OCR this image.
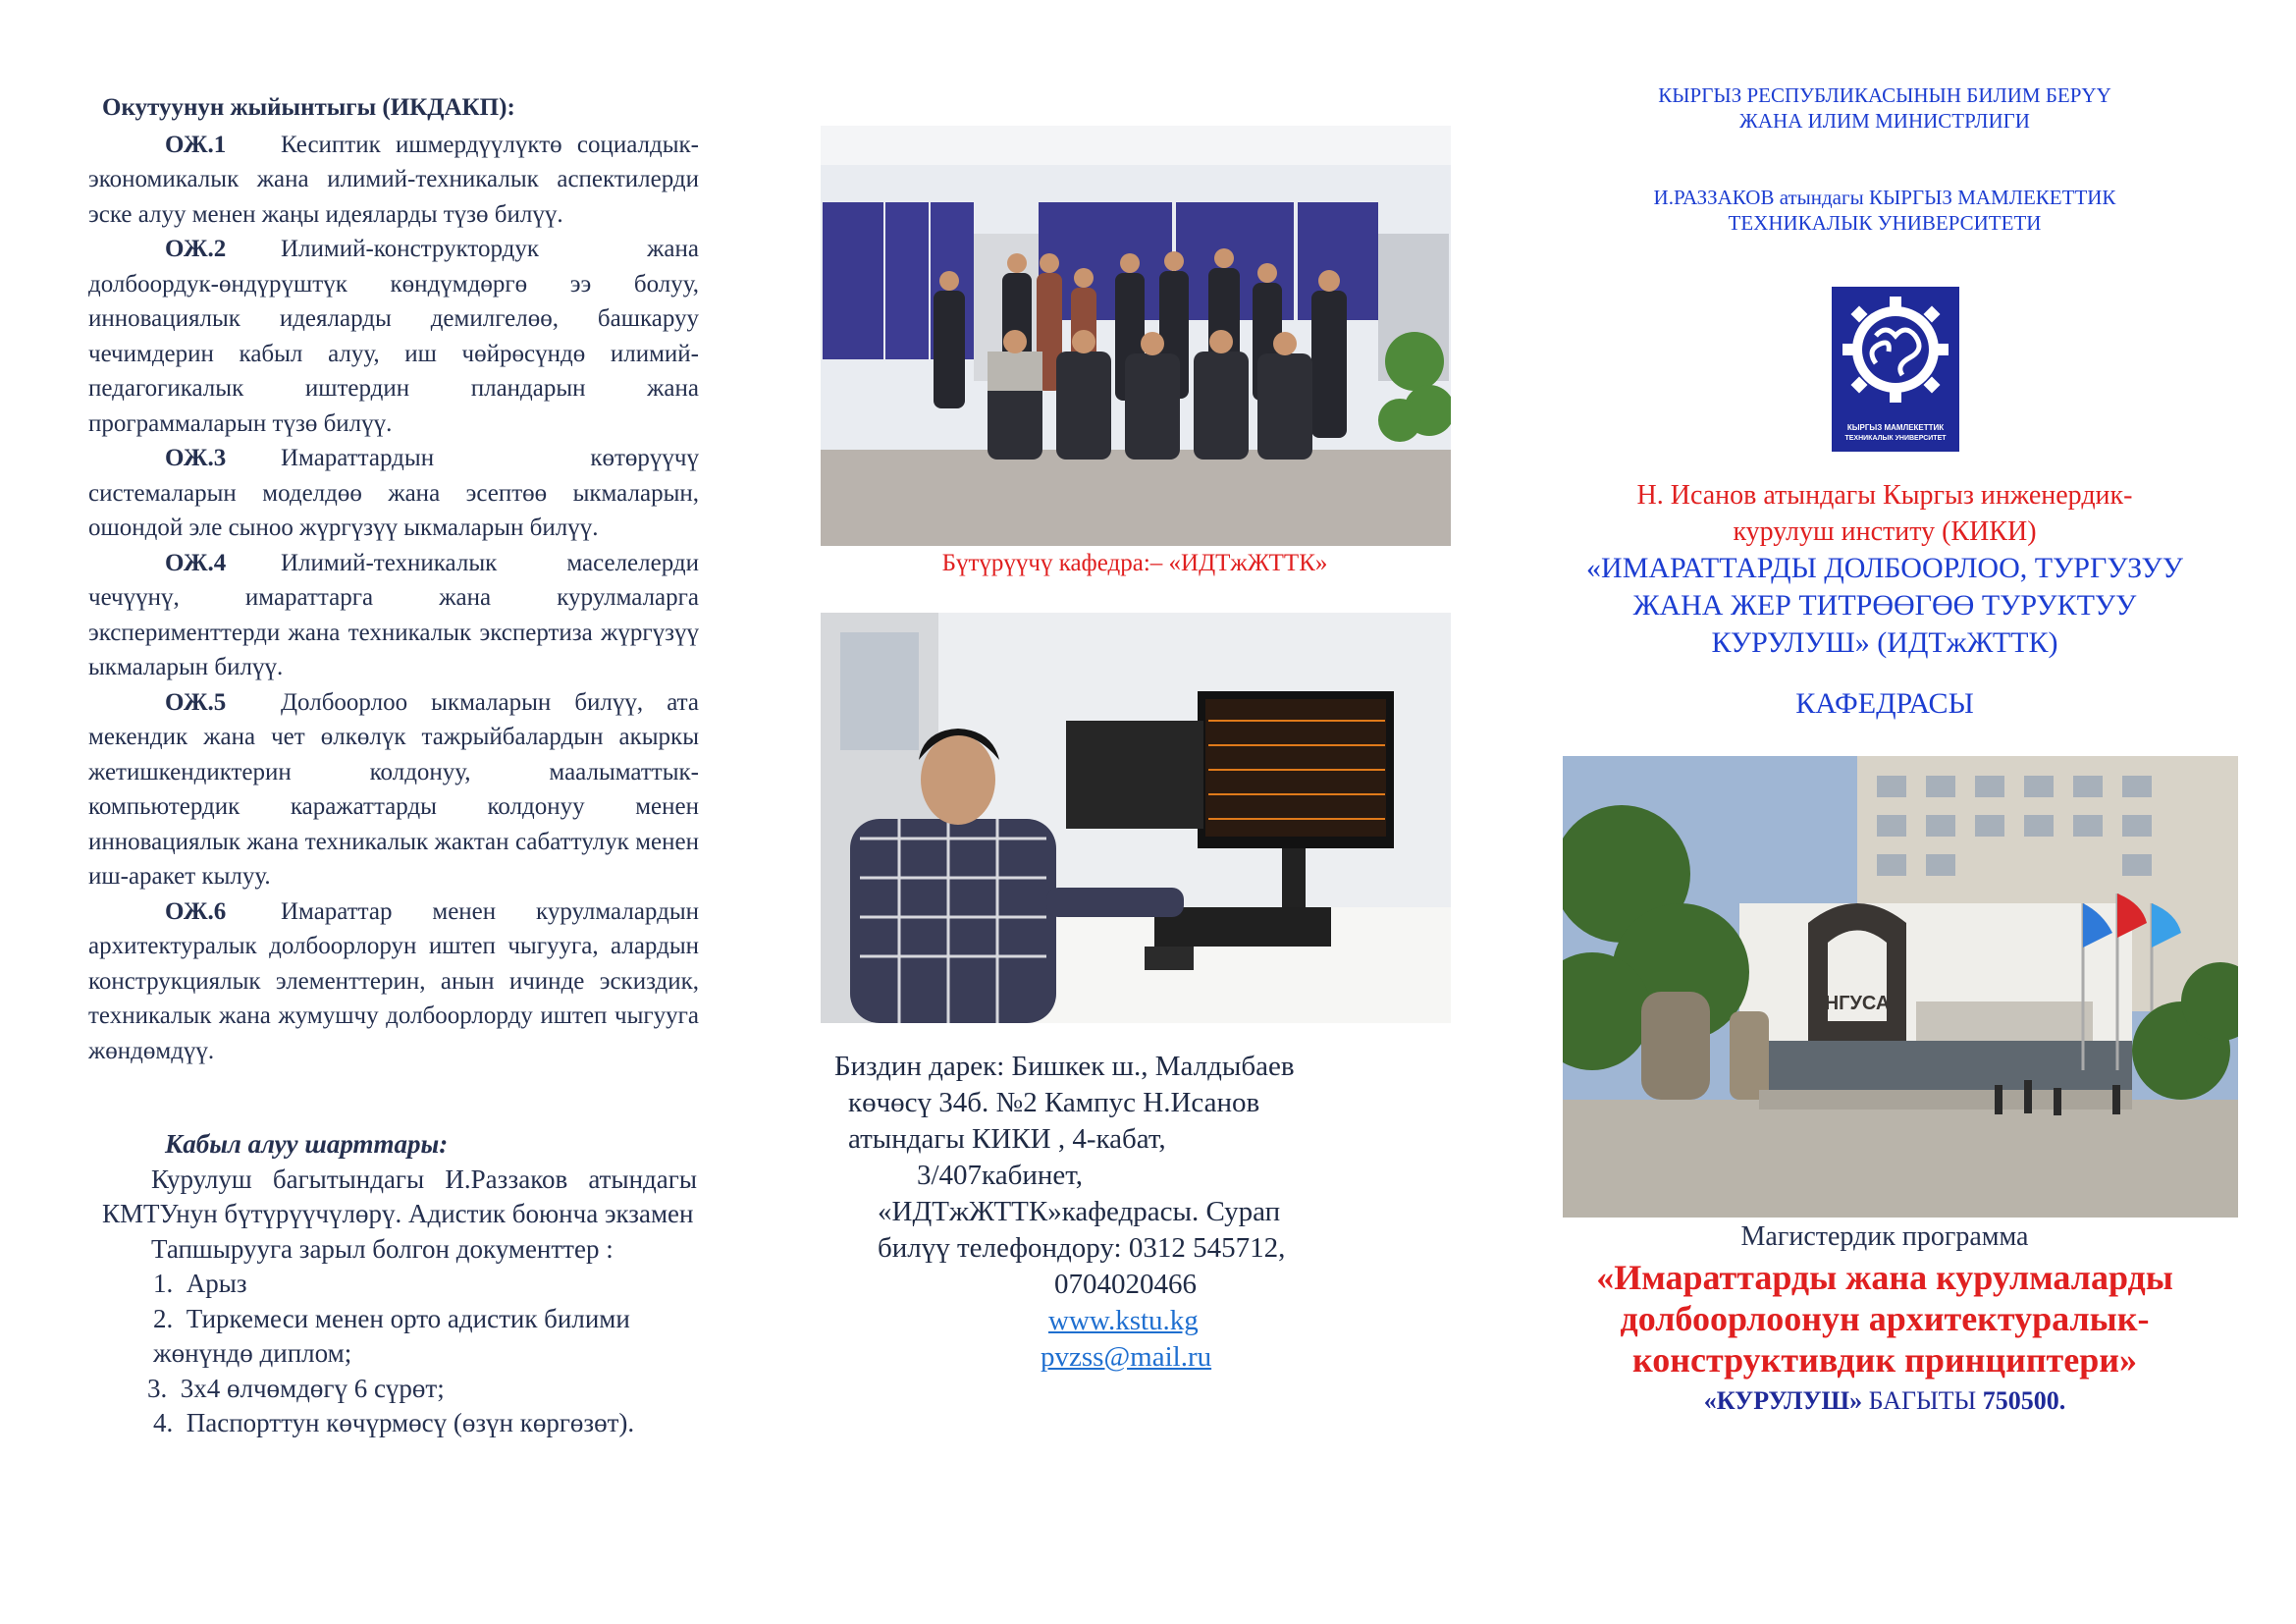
Окутуунун жыйынтыгы (ИКДАКП):
ОЖ.1 Кесиптик ишмердүүлүктө социалдык-экономикалык жана илимий-техникалык аспектилерди эске алуу менен жаңы идеяларды түзө билүү.
ОЖ.2 Илимий-конструктордук жана долбоордук-өндүрүштүк көндүмдөргө ээ болуу, инновациялык идеяларды демилгелөө, башкаруу чечимдерин кабыл алуу, иш чөйрөсүндө илимий-педагогикалык иштердин пландарын жана программаларын түзө билүү.
ОЖ.3 Имараттардын көтөрүүчү системаларын моделдөө жана эсептөө ыкмаларын, ошондой эле сыноо жүргүзүү ыкмаларын билүү.
ОЖ.4 Илимий-техникалык маселелерди чечүүнү, имараттарга жана курулмаларга эксперименттерди жана техникалык экспертиза жүргүзүү ыкмаларын билүү.
ОЖ.5 Долбоорлоо ыкмаларын билүү, ата мекендик жана чет өлкөлүк тажрыйбалардын акыркы жетишкендиктерин колдонуу, маалыматтык-компьютердик каражаттарды колдонуу менен инновациялык жана техникалык жактан сабаттулук менен иш-аракет кылуу.
ОЖ.6 Имараттар менен курулмалардын архитектуралык долбоорлорун иштеп чыгууга, алардын конструкциялык элементтерин, анын ичинде эскиздик, техникалык жана жумушчу долбоорлорду иштеп чыгууга жөндөмдүү.
Кабыл алуу шарттары:
Курулуш багытындагы И.Раззаков атындагы КМТУнун бүтүрүүчүлөрү. Адистик боюнча экзамен
Тапшырууга зарыл болгон документтер :
1. Арыз
2. Тиркемеси менен орто адистик билими жөнүндө диплом;
3. 3х4 өлчөмдөгү 6 сүрөт;
4. Паспорттун көчүрмөсү (өзүн көргөзөт).
Бүтүрүүчү кафедра:– «ИДТжЖТТК»
Биздин дарек: Бишкек ш., Малдыбаев
көчөсү 34б. №2 Кампус Н.Исанов
атындагы КИКИ , 4-кабат,
3/407кабинет,
«ИДТжЖТТК»кафедрасы. Сурап
билүү телефондору: 0312 545712,
0704020466
www.kstu.kg
pvzss@mail.ru
КЫРГЫЗ РЕСПУБЛИКАСЫНЫН БИЛИМ БЕРҮҮ
ЖАНА ИЛИМ МИНИСТРЛИГИ
И.РАЗЗАКОВ атындагы КЫРГЫЗ МАМЛЕКЕТТИК
ТЕХНИКАЛЫК УНИВЕРСИТЕТИ
КЫРГЫЗ МАМЛЕКЕТТИК
ТЕХНИКАЛЫК УНИВЕРСИТЕТ
Н. Исанов атындагы Кыргыз инженердик-
курулуш институ (КИКИ)
«ИМАРАТТАРДЫ ДОЛБООРЛОО, ТУРГУЗУУ
ЖАНА ЖЕР ТИТРӨӨГӨӨ ТУРУКТУУ
КУРУЛУШ» (ИДТжЖТТК)
КАФЕДРАСЫ
НГУСА
Магистердик программа
«Имараттарды жана курулмаларды
долбоорлоонун архитектуралык-
конструктивдик принциптери»
«КУРУЛУШ» БАГЫТЫ 750500.
